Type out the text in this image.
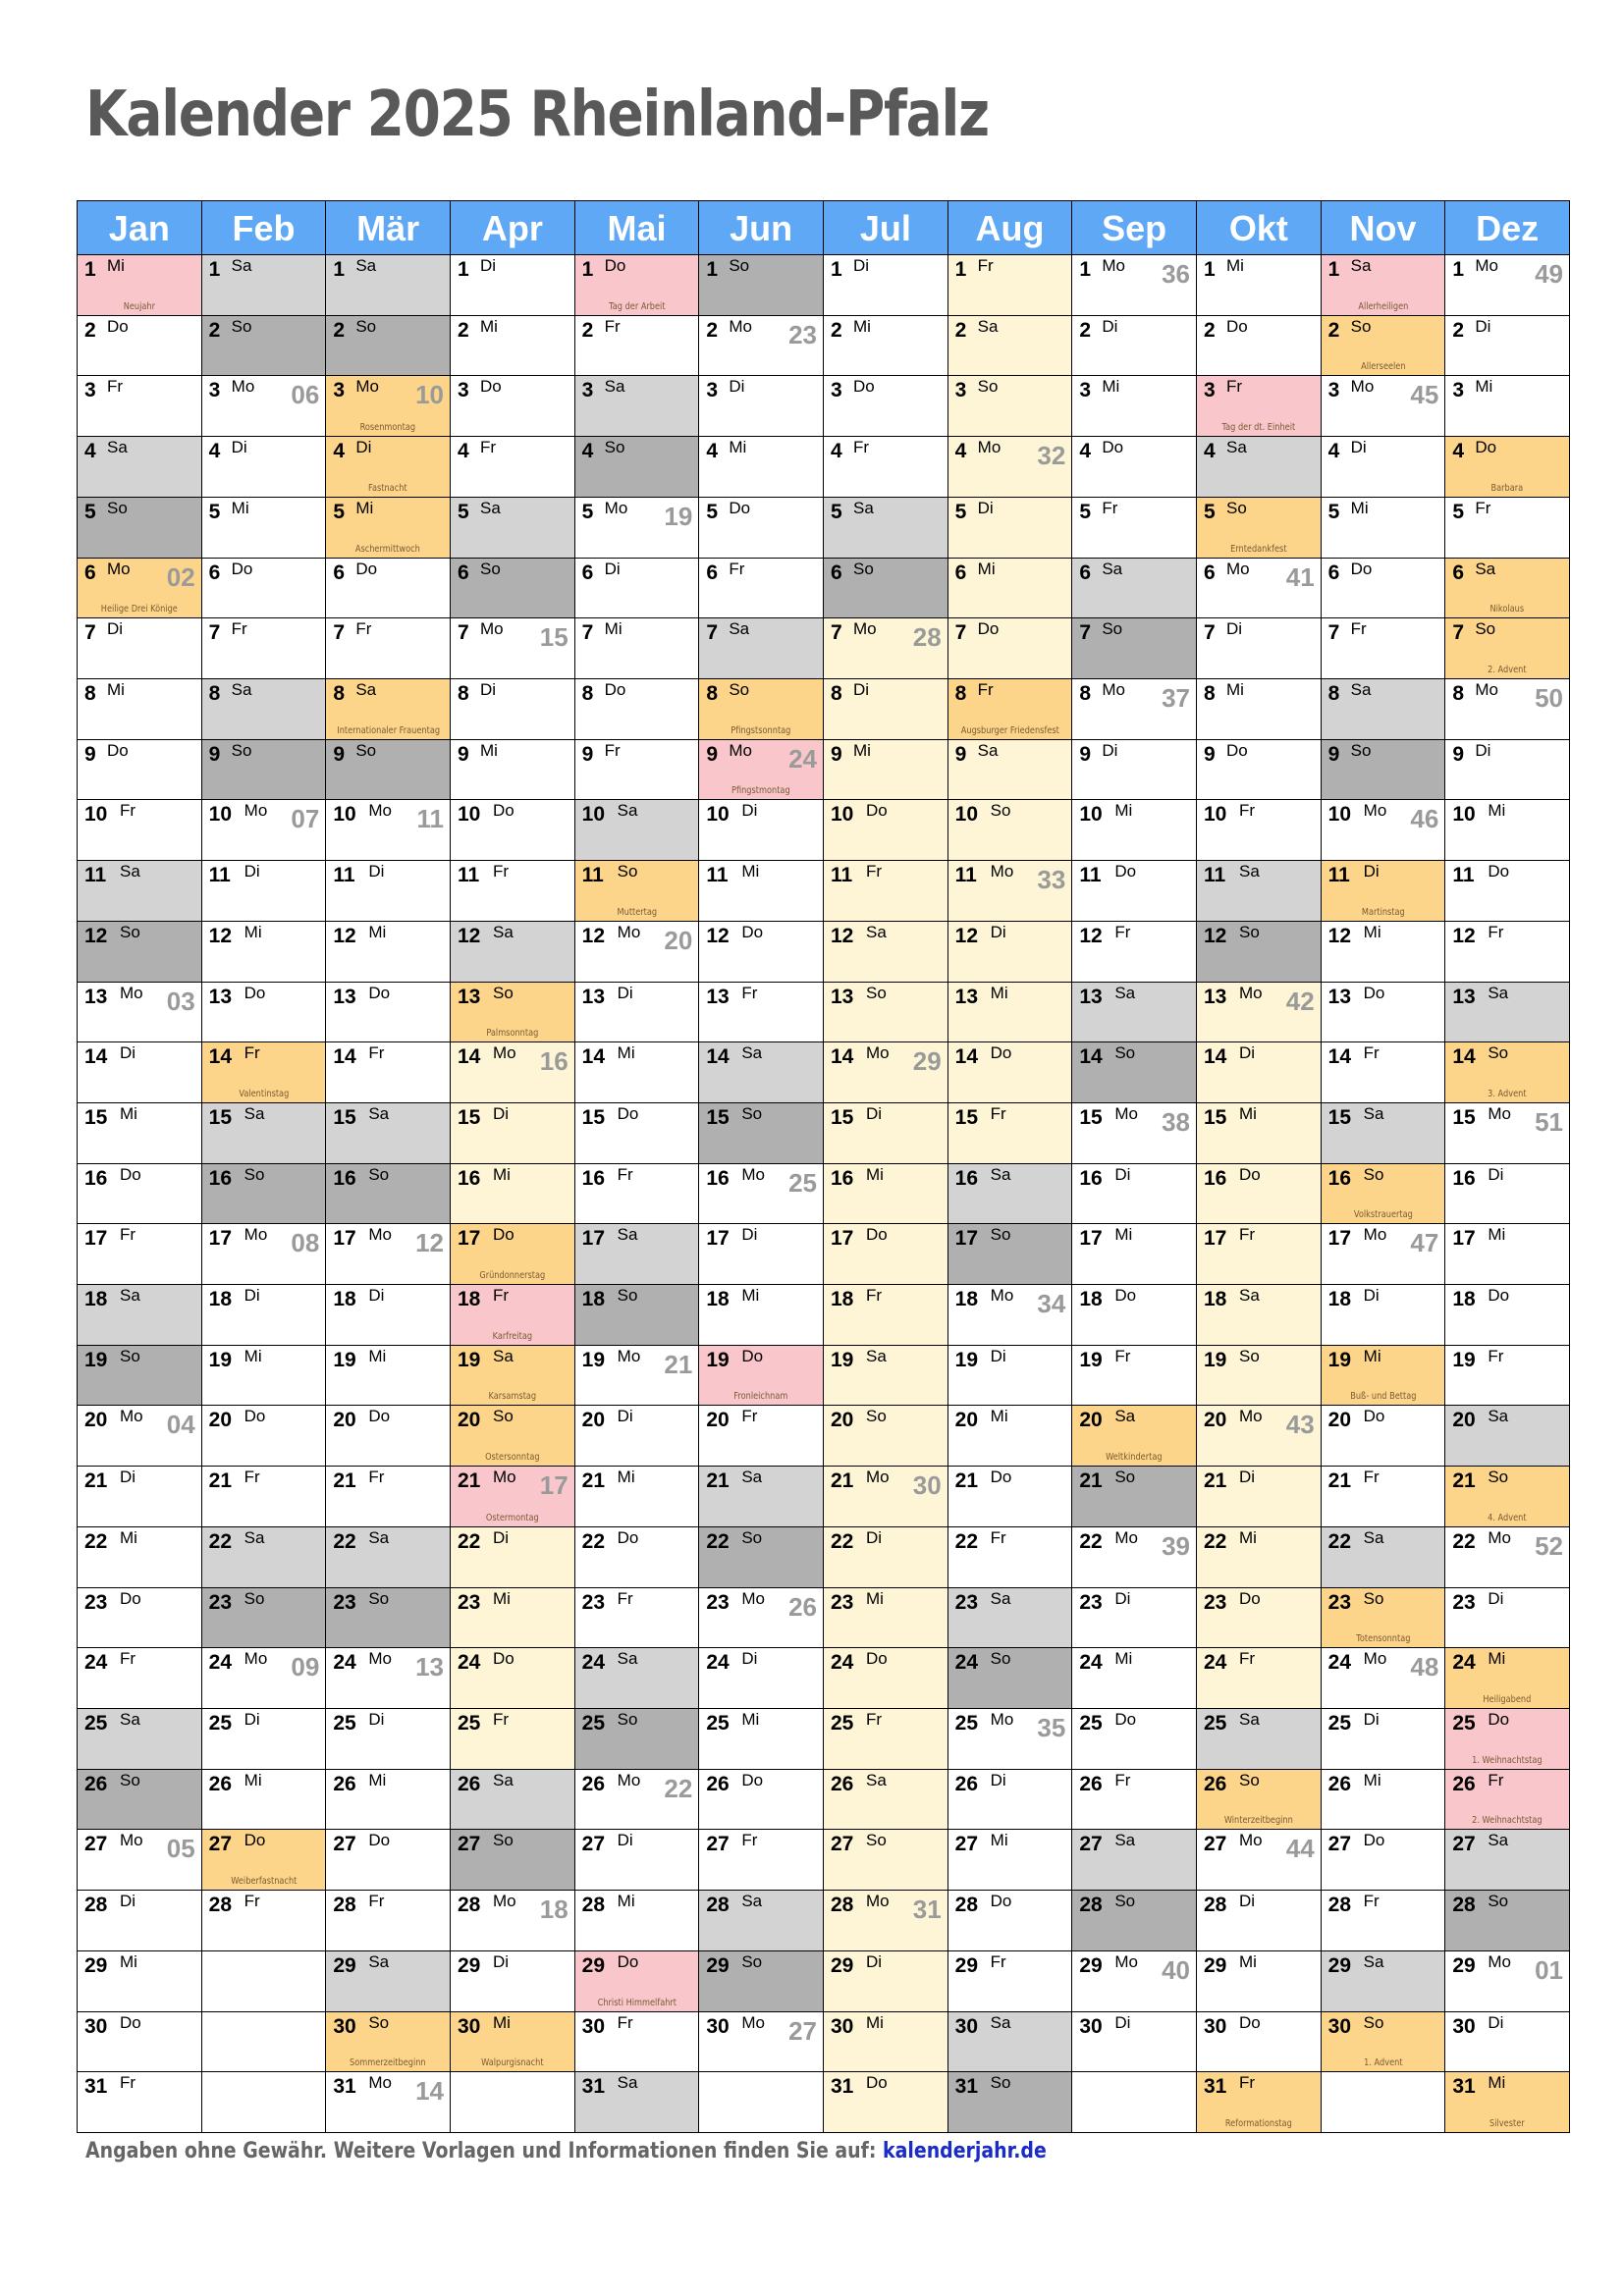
Kalender 2025 Rheinland-Pfalz
Jan
1 Mi
Neujahr
2 Do
3 Fr
4 Sa
5 So
6 Mo 02
Heilige Drei Könige
7 Di
8 Mi
9 Do
10 Fr
11 Sa
12 So
13 Mo 03
14 Di
15 Mi
16 Do
17 Fr
18 Sa
19 So
20 Mo 04
21 Di
22 Mi
23 Do
24 Fr
25 Sa
26 So
27 Mo 05
28 Di
29 Mi
30 Do
31 Fr
Feb
1 Sa
2 So
3 Mo 06
4 Di
5 Mi
6 Do
7 Fr
8 Sa
9 So
10 Mo 07
11 Di
12 Mi
13 Do
14 Fr
Valentinstag
15 Sa
16 So
17 Mo 08
18 Di
19 Mi
20 Do
21 Fr
22 Sa
23 So
24 Mo 09
25 Di
26 Mi
27 Do
Weiberfastnacht
28 Fr
Mär
1 Sa
2 So
3 Mo 10
Rosenmontag
4 Di
Fastnacht
5 Mi
Aschermittwoch
6 Do
7 Fr
8 Sa
Internationaler Frauentag
9 So
10 Mo 11
11 Di
12 Mi
13 Do
14 Fr
15 Sa
16 So
17 Mo 12
18 Di
19 Mi
20 Do
21 Fr
22 Sa
23 So
24 Mo 13
25 Di
26 Mi
27 Do
28 Fr
29 Sa
30 So
Sommerzeitbeginn
31 Mo 14
Apr
1 Di
2 Mi
3 Do
4 Fr
5 Sa
6 So
7 Mo 15
8 Di
9 Mi
10 Do
11 Fr
12 Sa
13 So
Palmsonntag
14 Mo 16
15 Di
16 Mi
17 Do
Gründonnerstag
18 Fr
Karfreitag
19 Sa
Karsamstag
20 So
Ostersonntag
21 Mo 17
Ostermontag
22 Di
23 Mi
24 Do
25 Fr
26 Sa
27 So
28 Mo 18
29 Di
30 Mi
Walpurgisnacht
Mai
1 Do
Tag der Arbeit
2 Fr
3 Sa
4 So
5 Mo 19
6 Di
7 Mi
8 Do
9 Fr
10 Sa
11 So
Muttertag
12 Mo 20
13 Di
14 Mi
15 Do
16 Fr
17 Sa
18 So
19 Mo 21
20 Di
21 Mi
22 Do
23 Fr
24 Sa
25 So
26 Mo 22
27 Di
28 Mi
29 Do
Christi Himmelfahrt
30 Fr
31 Sa
Jun
1 So
2 Mo 23
3 Di
4 Mi
5 Do
6 Fr
7 Sa
8 So
Pfingstsonntag
9 Mo 24
Pfingstmontag
10 Di
11 Mi
12 Do
13 Fr
14 Sa
15 So
16 Mo 25
17 Di
18 Mi
19 Do
Fronleichnam
20 Fr
21 Sa
22 So
23 Mo 26
24 Di
25 Mi
26 Do
27 Fr
28 Sa
29 So
30 Mo 27
Jul
1 Di
2 Mi
3 Do
4 Fr
5 Sa
6 So
7 Mo 28
8 Di
9 Mi
10 Do
11 Fr
12 Sa
13 So
14 Mo 29
15 Di
16 Mi
17 Do
18 Fr
19 Sa
20 So
21 Mo 30
22 Di
23 Mi
24 Do
25 Fr
26 Sa
27 So
28 Mo 31
29 Di
30 Mi
31 Do
Aug
1 Fr
2 Sa
3 So
4 Mo 32
5 Di
6 Mi
7 Do
8 Fr
Augsburger Friedensfest
9 Sa
10 So
11 Mo 33
12 Di
13 Mi
14 Do
15 Fr
16 Sa
17 So
18 Mo 34
19 Di
20 Mi
21 Do
22 Fr
23 Sa
24 So
25 Mo 35
26 Di
27 Mi
28 Do
29 Fr
30 Sa
31 So
Sep
1 Mo 36
2 Di
3 Mi
4 Do
5 Fr
6 Sa
7 So
8 Mo 37
9 Di
10 Mi
11 Do
12 Fr
13 Sa
14 So
15 Mo 38
16 Di
17 Mi
18 Do
19 Fr
20 Sa
Weltkindertag
21 So
22 Mo 39
23 Di
24 Mi
25 Do
26 Fr
27 Sa
28 So
29 Mo 40
30 Di
Okt
1 Mi
2 Do
3 Fr
Tag der dt. Einheit
4 Sa
5 So
Erntedankfest
6 Mo 41
7 Di
8 Mi
9 Do
10 Fr
11 Sa
12 So
13 Mo 42
14 Di
15 Mi
16 Do
17 Fr
18 Sa
19 So
20 Mo 43
21 Di
22 Mi
23 Do
24 Fr
25 Sa
26 So
Winterzeitbeginn
27 Mo 44
28 Di
29 Mi
30 Do
31 Fr
Reformationstag
Nov
1 Sa
Allerheiligen
2 So
Allerseelen
3 Mo 45
4 Di
5 Mi
6 Do
7 Fr
8 Sa
9 So
10 Mo 46
11 Di
Martinstag
12 Mi
13 Do
14 Fr
15 Sa
16 So
Volkstrauertag
17 Mo 47
18 Di
19 Mi
Buß- und Bettag
20 Do
21 Fr
22 Sa
23 So
Totensonntag
24 Mo 48
25 Di
26 Mi
27 Do
28 Fr
29 Sa
30 So
1. Advent
Dez
1 Mo 49
2 Di
3 Mi
4 Do
Barbara
5 Fr
6 Sa
Nikolaus
7 So
2. Advent
8 Mo 50
9 Di
10 Mi
11 Do
12 Fr
13 Sa
14 So
3. Advent
15 Mo 51
16 Di
17 Mi
18 Do
19 Fr
20 Sa
21 So
4. Advent
22 Mo 52
23 Di
24 Mi
Heiligabend
25 Do
1. Weihnachtstag
26 Fr
2. Weihnachtstag
27 Sa
28 So
29 Mo 01
30 Di
31 Mi
Silvester
Angaben ohne Gewähr. Weitere Vorlagen und Informationen finden Sie auf: kalenderjahr.de
